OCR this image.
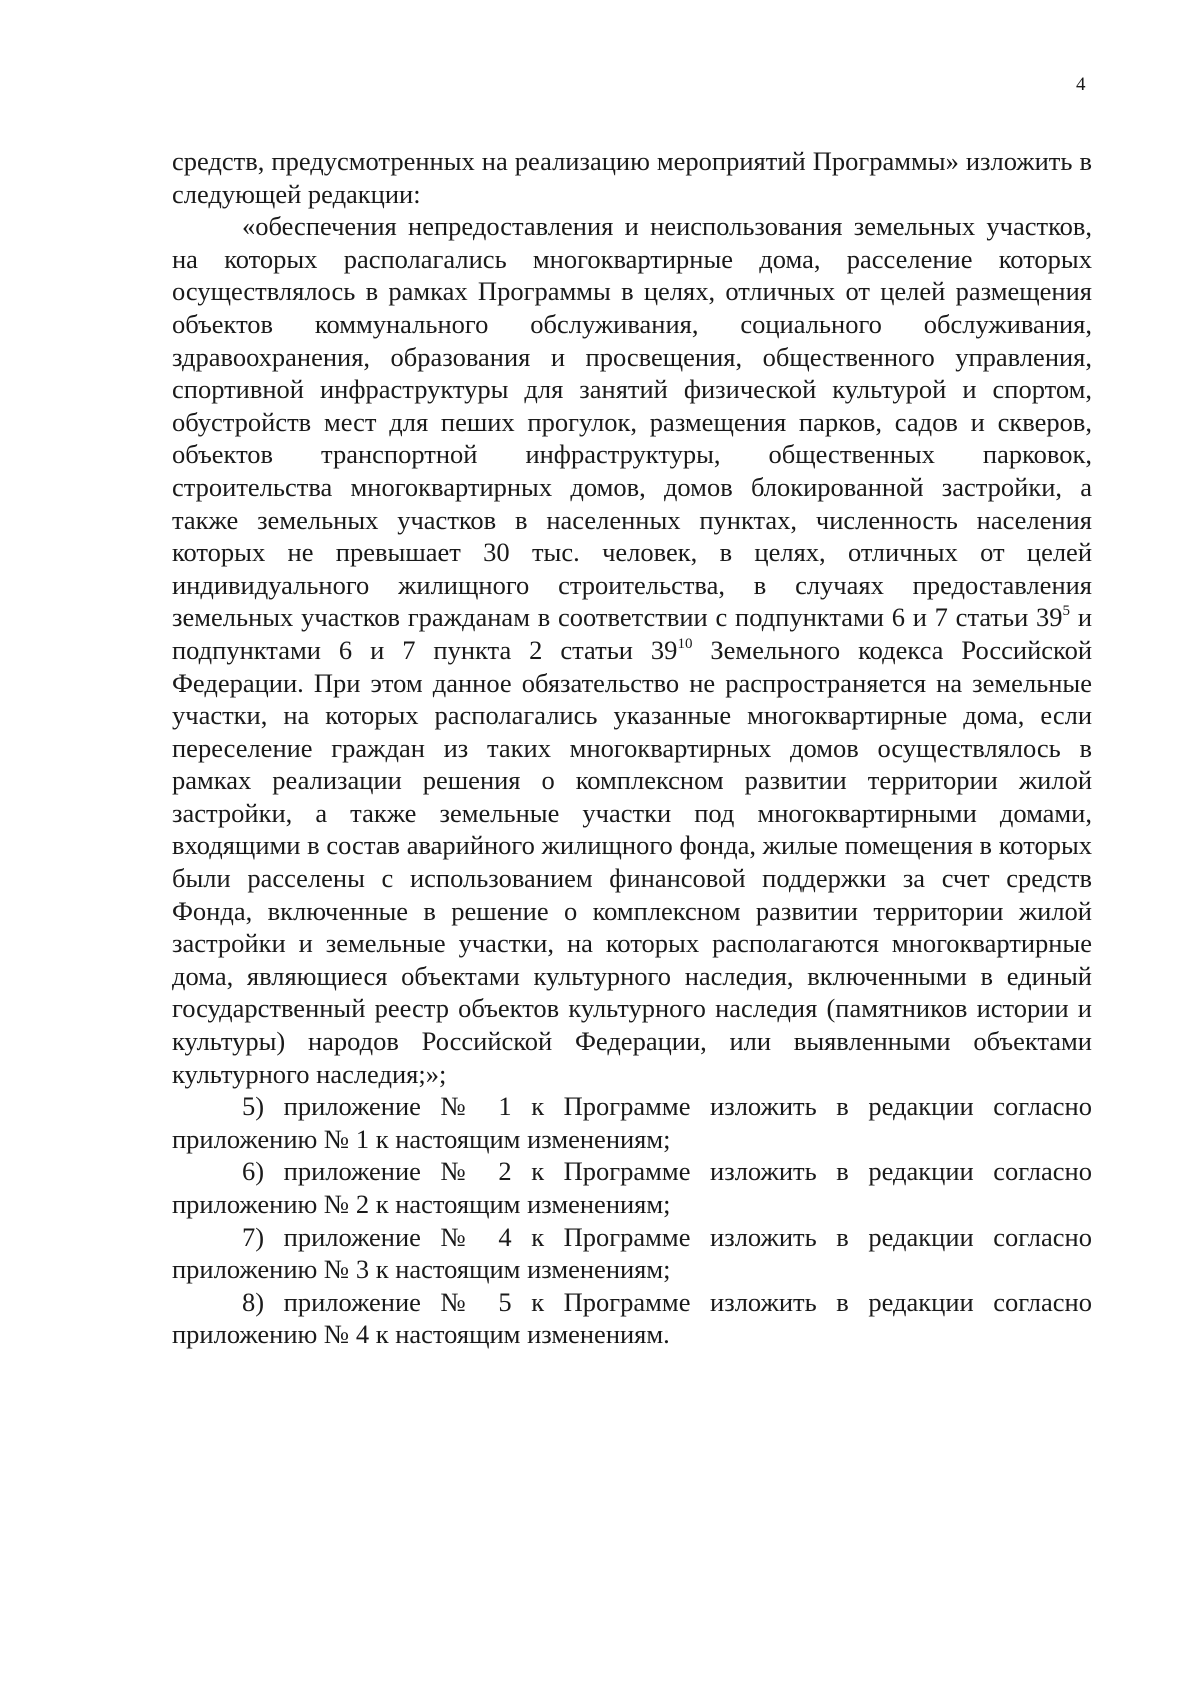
4

средств, предусмотренных на реализацию мероприятий Программы» изложить в следующей редакции:

«обеспечения непредоставления и неиспользования земельных участков, на которых располагались многоквартирные дома, расселение которых осуществлялось в рамках Программы в целях, отличных от целей размещения объектов коммунального обслуживания, социального обслуживания, здравоохранения, образования и просвещения, общественного управления, спортивной инфраструктуры для занятий физической культурой и спортом, обустройств мест для пеших прогулок, размещения парков, садов и скверов, объектов транспортной инфраструктуры, общественных парковок, строительства многоквартирных домов, домов блокированной застройки, а также земельных участков в населенных пунктах, численность населения которых не превышает 30 тыс. человек, в целях, отличных от целей индивидуального жилищного строительства, в случаях предоставления земельных участков гражданам в соответствии с подпунктами 6 и 7 статьи $39^5$ и подпунктами 6 и 7 пункта 2 статьи $39^{10}$ Земельного кодекса Российской Федерации. При этом данное обязательство не распространяется на земельные участки, на которых располагались указанные многоквартирные дома, если переселение граждан из таких многоквартирных домов осуществлялось в рамках реализации решения о комплексном развитии территории жилой застройки, а также земельные участки под многоквартирными домами, входящими в состав аварийного жилищного фонда, жилые помещения в которых были расселены с использованием финансовой поддержки за счет средств Фонда, включенные в решение о комплексном развитии территории жилой застройки и земельные участки, на которых располагаются многоквартирные дома, являющиеся объектами культурного наследия, включенными в единый государственный реестр объектов культурного наследия (памятников истории и культуры) народов Российской Федерации, или выявленными объектами культурного наследия;»;

5) приложение № 1 к Программе изложить в редакции согласно приложению № 1 к настоящим изменениям;

6) приложение № 2 к Программе изложить в редакции согласно приложению № 2 к настоящим изменениям;

7) приложение № 4 к Программе изложить в редакции согласно приложению № 3 к настоящим изменениям;

8) приложение № 5 к Программе изложить в редакции согласно приложению № 4 к настоящим изменениям.
